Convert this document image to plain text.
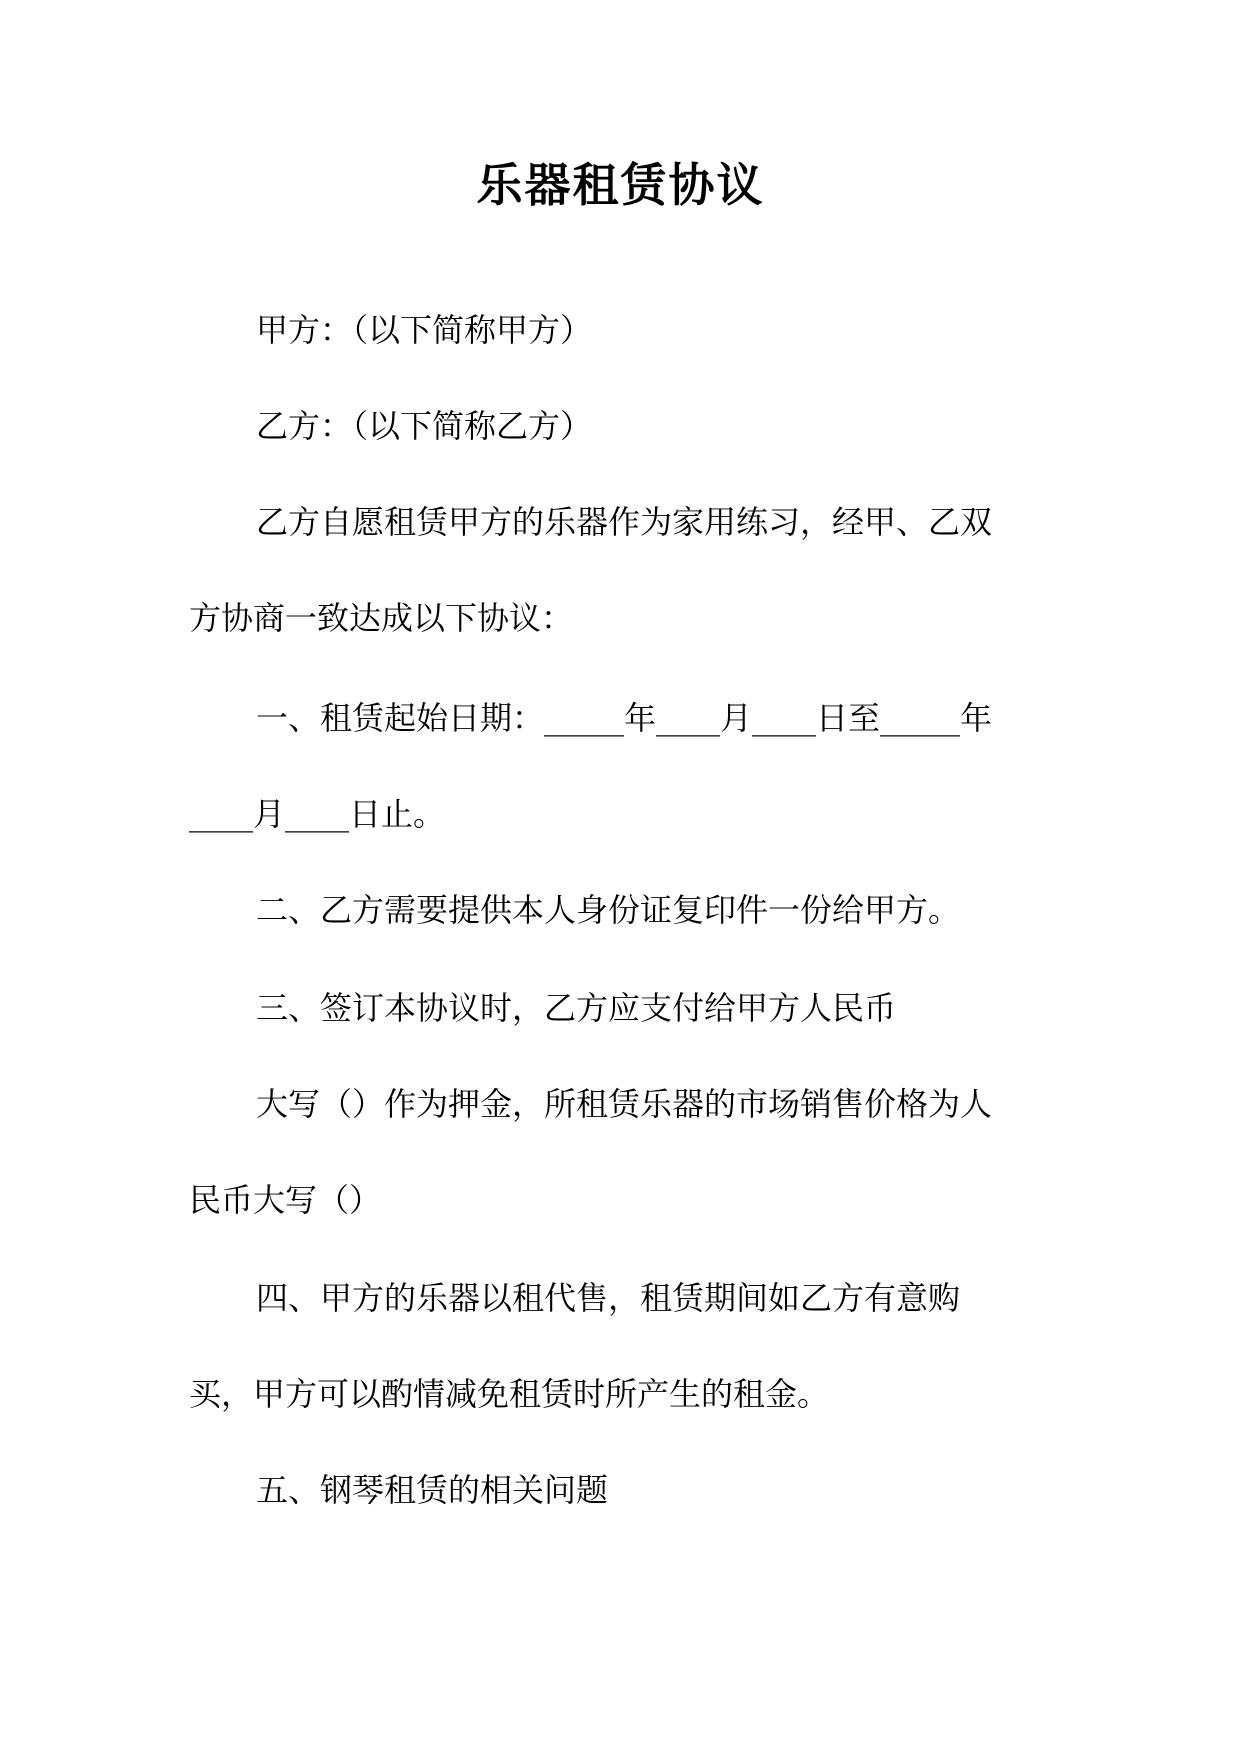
乐器租赁协议

甲方：（以下简称甲方）

乙方：（以下简称乙方）

乙方自愿租赁甲方的乐器作为家用练习，经甲、乙双

方协商一致达成以下协议：

一、租赁起始日期：_____年____月____日至_____年

____月____日止。

二、乙方需要提供本人身份证复印件一份给甲方。

三、签订本协议时，乙方应支付给甲方人民币

大写（）作为押金，所租赁乐器的市场销售价格为人

民币大写（）

四、甲方的乐器以租代售，租赁期间如乙方有意购

买，甲方可以酌情减免租赁时所产生的租金。

五、钢琴租赁的相关问题
